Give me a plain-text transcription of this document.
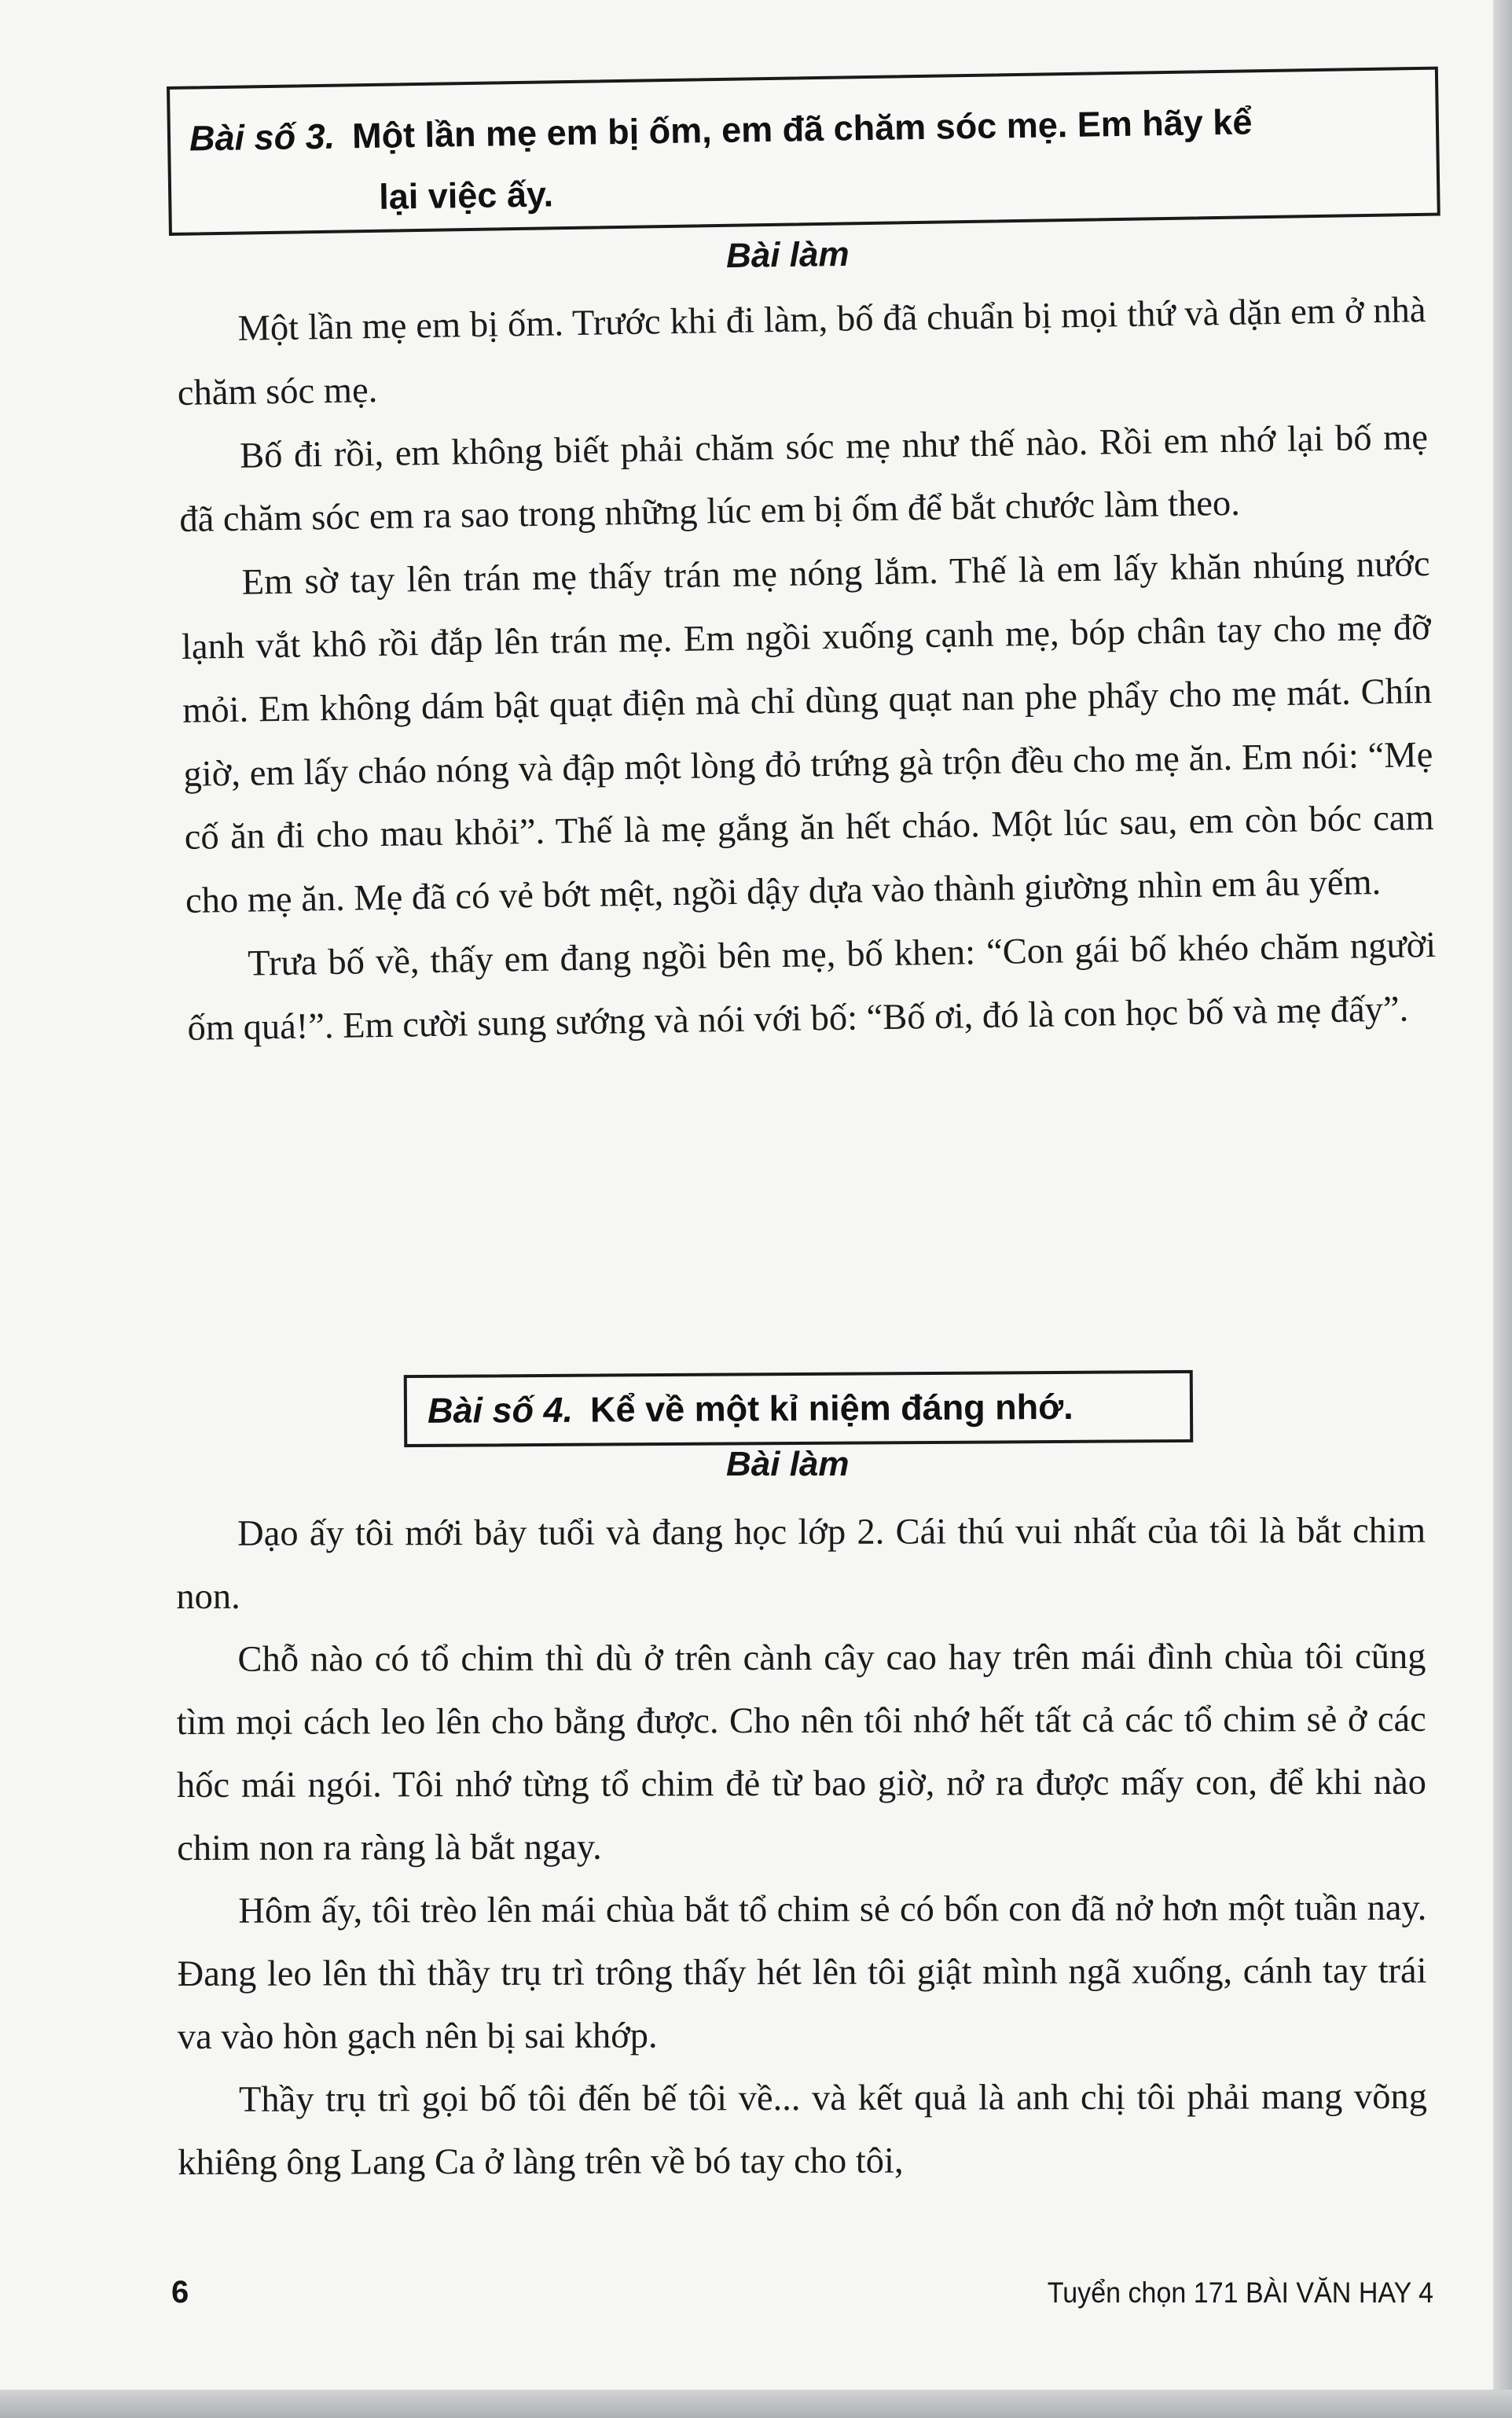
Bài số 3. Một lần mẹ em bị ốm, em đã chăm sóc mẹ. Em hãy kể
lại việc ấy.
Bài làm

Một lần mẹ em bị ốm. Trước khi đi làm, bố đã chuẩn bị mọi thứ và dặn em ở nhà chăm sóc mẹ.

Bố đi rồi, em không biết phải chăm sóc mẹ như thế nào. Rồi em nhớ lại bố mẹ đã chăm sóc em ra sao trong những lúc em bị ốm để bắt chước làm theo.

Em sờ tay lên trán mẹ thấy trán mẹ nóng lắm. Thế là em lấy khăn nhúng nước lạnh vắt khô rồi đắp lên trán mẹ. Em ngồi xuống cạnh mẹ, bóp chân tay cho mẹ đỡ mỏi. Em không dám bật quạt điện mà chỉ dùng quạt nan phe phẩy cho mẹ mát. Chín giờ, em lấy cháo nóng và đập một lòng đỏ trứng gà trộn đều cho mẹ ăn. Em nói: “Mẹ cố ăn đi cho mau khỏi”. Thế là mẹ gắng ăn hết cháo. Một lúc sau, em còn bóc cam cho mẹ ăn. Mẹ đã có vẻ bớt mệt, ngồi dậy dựa vào thành giường nhìn em âu yếm.

Trưa bố về, thấy em đang ngồi bên mẹ, bố khen: “Con gái bố khéo chăm người ốm quá!”. Em cười sung sướng và nói với bố: “Bố ơi, đó là con học bố và mẹ đấy”.

Bài số 4. Kể về một kỉ niệm đáng nhớ.
Bài làm

Dạo ấy tôi mới bảy tuổi và đang học lớp 2. Cái thú vui nhất của tôi là bắt chim non.

Chỗ nào có tổ chim thì dù ở trên cành cây cao hay trên mái đình chùa tôi cũng tìm mọi cách leo lên cho bằng được. Cho nên tôi nhớ hết tất cả các tổ chim sẻ ở các hốc mái ngói. Tôi nhớ từng tổ chim đẻ từ bao giờ, nở ra được mấy con, để khi nào chim non ra ràng là bắt ngay.

Hôm ấy, tôi trèo lên mái chùa bắt tổ chim sẻ có bốn con đã nở hơn một tuần nay. Đang leo lên thì thầy trụ trì trông thấy hét lên tôi giật mình ngã xuống, cánh tay trái va vào hòn gạch nên bị sai khớp.

Thầy trụ trì gọi bố tôi đến bế tôi về... và kết quả là anh chị tôi phải mang võng khiêng ông Lang Ca ở làng trên về bó tay cho tôi,

6	Tuyển chọn 171 BÀI VĂN HAY 4
